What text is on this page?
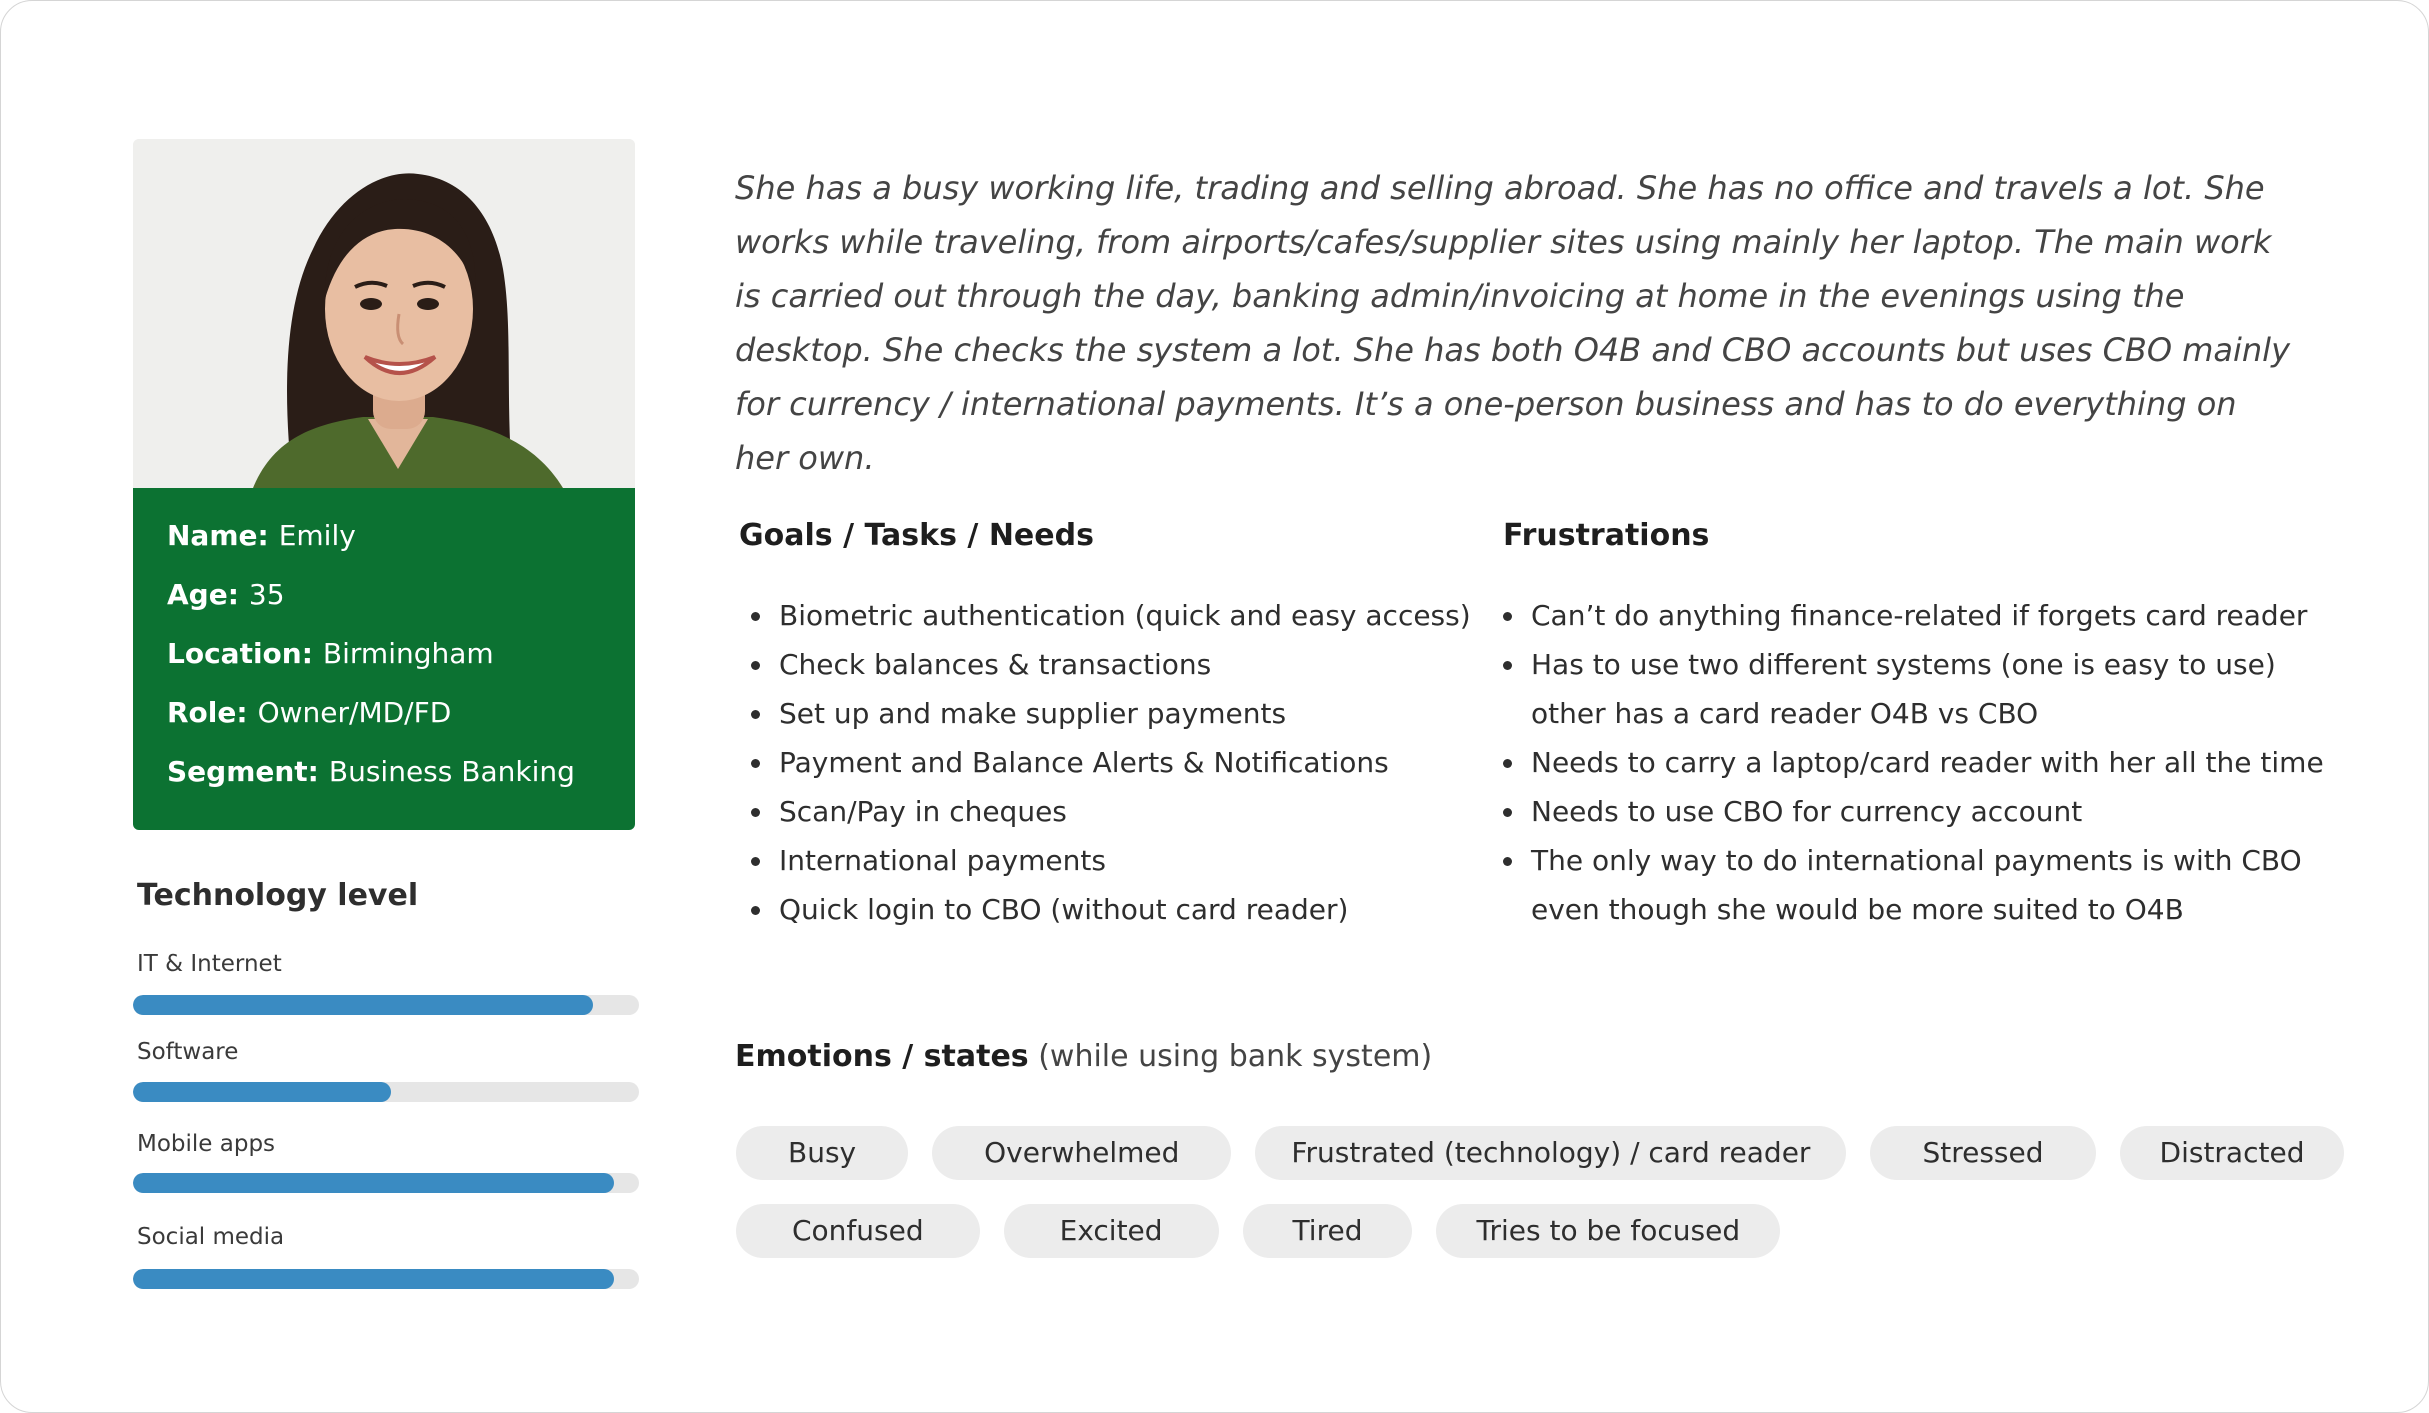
Name: Emily
Age: 35
Location: Birmingham
Role: Owner/MD/FD
Segment: Business Banking
Technology level
IT & Internet
Software
Mobile apps
Social media

She has a busy working life, trading and selling abroad. She has no office and travels a lot. She works while traveling, from airports/cafes/supplier sites using mainly her laptop. The main work is carried out through the day, banking admin/invoicing at home in the evenings using the desktop. She checks the system a lot. She has both O4B and CBO accounts but uses CBO mainly for currency / international payments. It’s a one-person business and has to do everything on her own.

Goals / Tasks / Needs
Biometric authentication (quick and easy access)
Check balances & transactions
Set up and make supplier payments
Payment and Balance Alerts & Notifications
Scan/Pay in cheques
International payments
Quick login to CBO (without card reader)
Frustrations
Can’t do anything finance-related if forgets card reader
Has to use two different systems (one is easy to use)
other has a card reader O4B vs CBO
Needs to carry a laptop/card reader with her all the time
Needs to use CBO for currency account
The only way to do international payments is with CBO
even though she would be more suited to O4B
Emotions / states (while using bank system)
Busy	Overwhelmed	Frustrated (technology) / card reader	Stressed	Distracted
Confused	Excited	Tired	Tries to be focused
